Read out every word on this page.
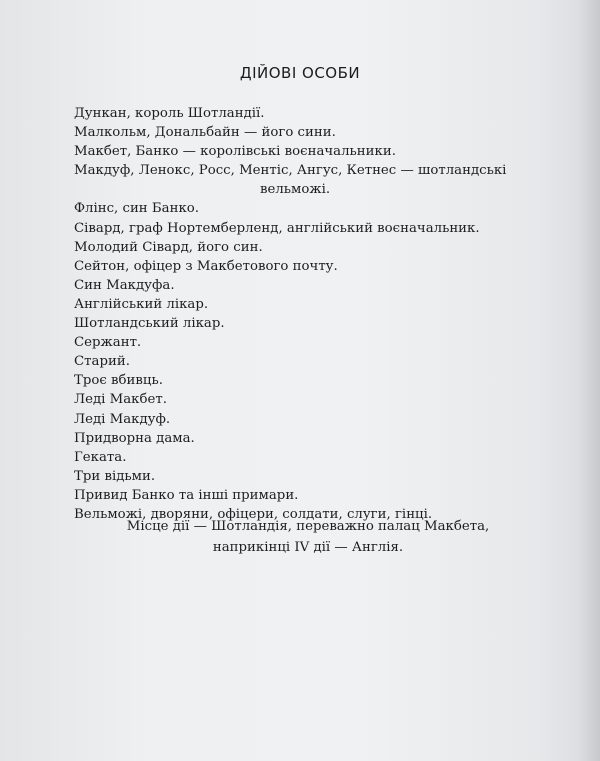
ДІЙОВІ ОСОБИ
Дункан, король Шотландії.
Малкольм, Дональбайн — його сини.
Макбет, Банко — королівські воєначальники.
Макдуф, Ленокс, Росс, Ментіс, Ангус, Кетнес — шотландські
вельможі.
Флінс, син Банко.
Сівард, граф Нортемберленд, англійський воєначальник.
Молодий Сівард, його син.
Сейтон, офіцер з Макбетового почту.
Син Макдуфа.
Англійський лікар.
Шотландський лікар.
Сержант.
Старий.
Троє вбивць.
Леді Макбет.
Леді Макдуф.
Придворна дама.
Геката.
Три відьми.
Привид Банко та інші примари.
Вельможі, дворяни, офіцери, солдати, слуги, гінці.
Місце дії — Шотландія, переважно палац Макбета,
наприкінці IV дії — Англія.
